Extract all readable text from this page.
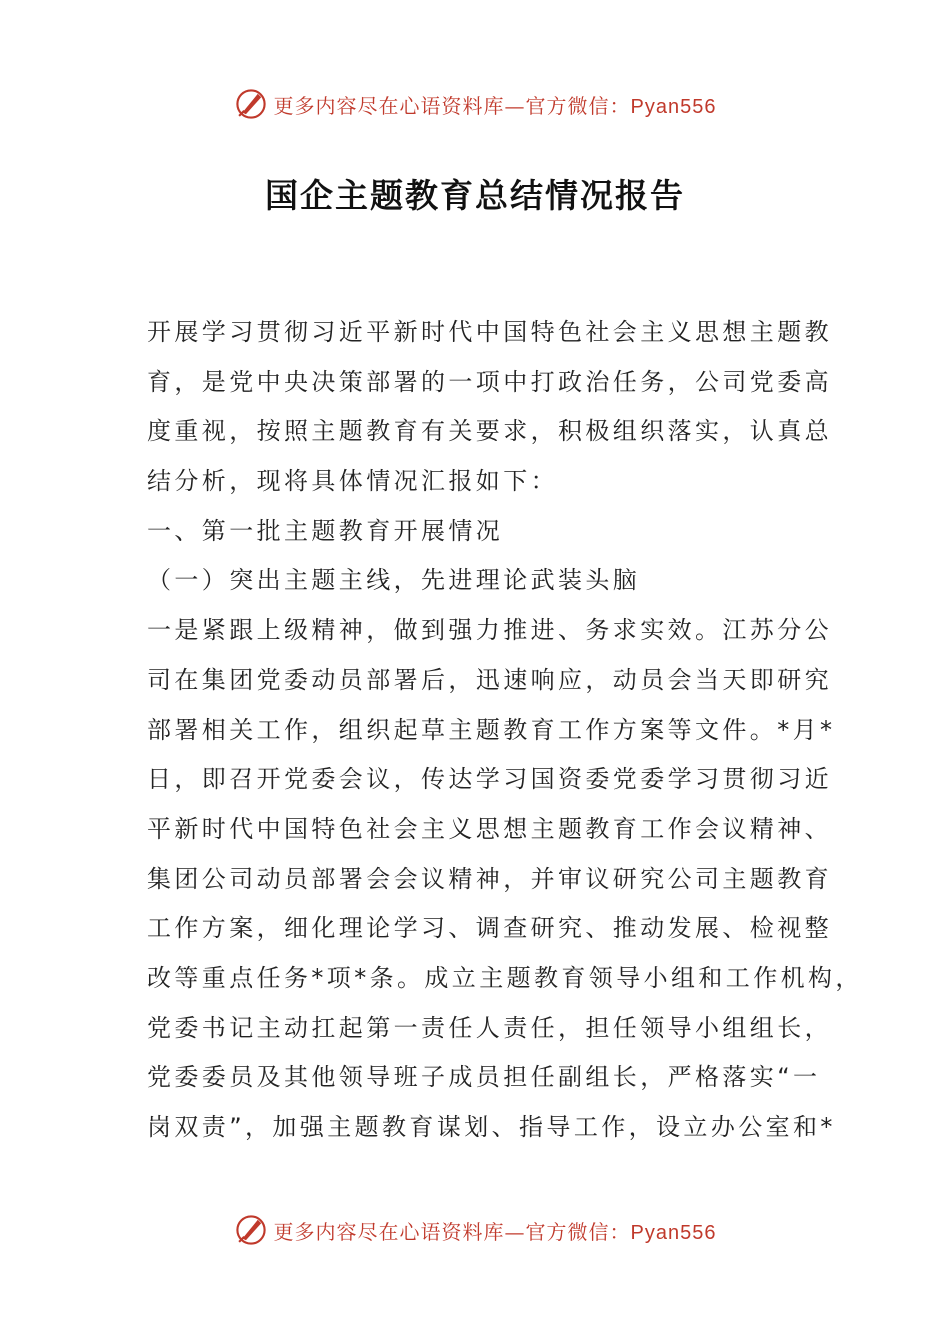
更多内容尽在心语资料库—官方微信：Pyan556
国企主题教育总结情况报告
开展学习贯彻习近平新时代中国特色社会主义思想主题教
育，是党中央决策部署的一项中打政治任务，公司党委高
度重视，按照主题教育有关要求，积极组织落实，认真总
结分析，现将具体情况汇报如下：
一、第一批主题教育开展情况
（一）突出主题主线，先进理论武装头脑
一是紧跟上级精神，做到强力推进、务求实效。江苏分公
司在集团党委动员部署后，迅速响应，动员会当天即研究
部署相关工作，组织起草主题教育工作方案等文件。*月*
日，即召开党委会议，传达学习国资委党委学习贯彻习近
平新时代中国特色社会主义思想主题教育工作会议精神、
集团公司动员部署会会议精神，并审议研究公司主题教育
工作方案，细化理论学习、调查研究、推动发展、检视整
改等重点任务*项*条。成立主题教育领导小组和工作机构，
党委书记主动扛起第一责任人责任，担任领导小组组长，
党委委员及其他领导班子成员担任副组长，严格落实“一
岗双责”，加强主题教育谋划、指导工作，设立办公室和*
更多内容尽在心语资料库—官方微信：Pyan556
